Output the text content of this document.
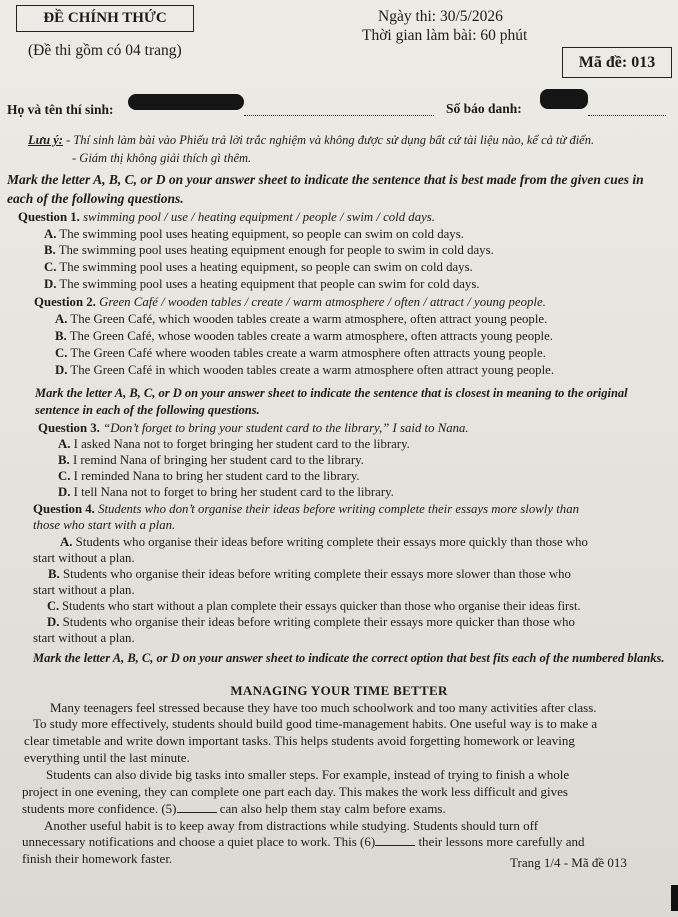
ĐỀ CHÍNH THỨC	Ngày thi: 30/5/2026
(Đề thi gồm có 04 trang)
Thời gian làm bài: 60 phút
Mã đề: 013
Họ và tên thí sinh:	Số báo danh:
Lưu ý: - Thí sinh làm bài vào Phiếu trả lời trắc nghiệm và không được sử dụng bất cứ tài liệu nào, kể cả từ điển.
- Giám thị không giải thích gì thêm.
Mark the letter A, B, C, or D on your answer sheet to indicate the sentence that is best made from the given cues in each of the following questions.
Question 1. swimming pool / use / heating equipment / people / swim / cold days.
A. The swimming pool uses heating equipment, so people can swim on cold days.
B. The swimming pool uses heating equipment enough for people to swim in cold days.
C. The swimming pool uses a heating equipment, so people can swim on cold days.
D. The swimming pool uses a heating equipment that people can swim for cold days.
Question 2. Green Café / wooden tables / create / warm atmosphere / often / attract / young people.
A. The Green Café, which wooden tables create a warm atmosphere, often attract young people.
B. The Green Café, whose wooden tables create a warm atmosphere, often attracts young people.
C. The Green Café where wooden tables create a warm atmosphere often attracts young people.
D. The Green Café in which wooden tables create a warm atmosphere often attract young people.
Mark the letter A, B, C, or D on your answer sheet to indicate the sentence that is closest in meaning to the original sentence in each of the following questions.
Question 3. “Don’t forget to bring your student card to the library,” I said to Nana.
A. I asked Nana not to forget bringing her student card to the library.
B. I remind Nana of bringing her student card to the library.
C. I reminded Nana to bring her student card to the library.
D. I tell Nana not to forget to bring her student card to the library.
Question 4. Students who don’t organise their ideas before writing complete their essays more slowly than
those who start with a plan.
A. Students who organise their ideas before writing complete their essays more quickly than those who
start without a plan.
B. Students who organise their ideas before writing complete their essays more slower than those who
start without a plan.
C. Students who start without a plan complete their essays quicker than those who organise their ideas first.
D. Students who organise their ideas before writing complete their essays more quicker than those who
start without a plan.
Mark the letter A, B, C, or D on your answer sheet to indicate the correct option that best fits each of the numbered blanks.
MANAGING YOUR TIME BETTER
Many teenagers feel stressed because they have too much schoolwork and too many activities after class.
To study more effectively, students should build good time-management habits. One useful way is to make a
clear timetable and write down important tasks. This helps students avoid forgetting homework or leaving
everything until the last minute.
Students can also divide big tasks into smaller steps. For example, instead of trying to finish a whole
project in one evening, they can complete one part each day. This makes the work less difficult and gives
students more confidence. (5)	can also help them stay calm before exams.
Another useful habit is to keep away from distractions while studying. Students should turn off
unnecessary notifications and choose a quiet place to work. This (6)	their lessons more carefully and
finish their homework faster.	Trang 1/4 - Mã đề 013
